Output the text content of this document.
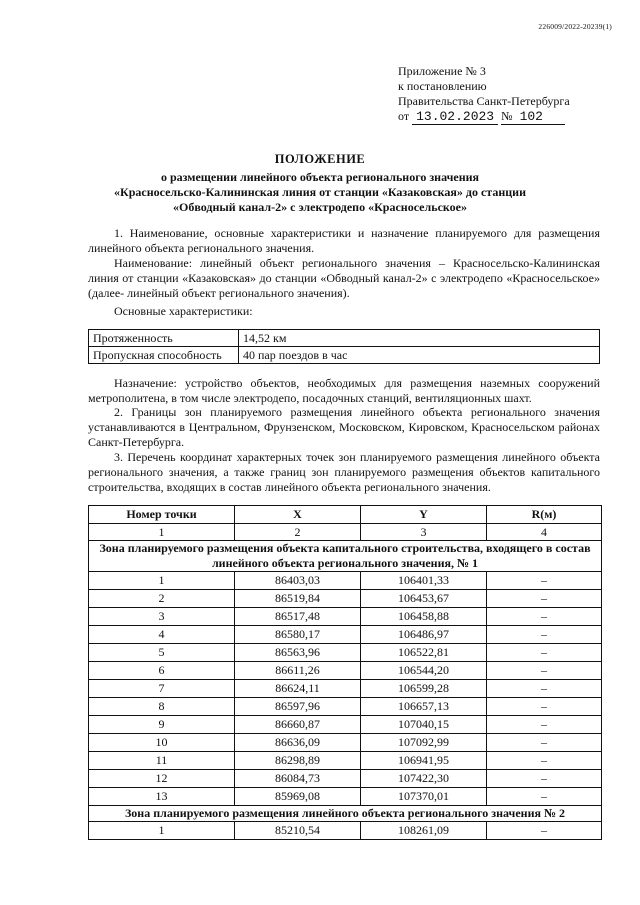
226009/2022-20239(1)
Приложение № 3
к постановлению
Правительства Санкт-Петербурга
от 13.02.2023 № 102
ПОЛОЖЕНИЕ
о размещении линейного объекта регионального значения
«Красносельско-Калининская линия от станции «Казаковская» до станции
«Обводный канал-2» с электродепо «Красносельское»
1. Наименование, основные характеристики и назначение планируемого для размещения линейного объекта регионального значения.
Наименование: линейный объект регионального значения – Красносельско-Калининская линия от станции «Казаковская» до станции «Обводный канал-2» с электродепо «Красносельское» (далее- линейный объект регионального значения).
Основные характеристики:
Протяженность	14,52 км
Пропускная способность	40 пар поездов в час
Назначение: устройство объектов, необходимых для размещения наземных сооружений метрополитена, в том числе электродепо, посадочных станций, вентиляционных шахт.
2. Границы зон планируемого размещения линейного объекта регионального значения устанавливаются в Центральном, Фрунзенском, Московском, Кировском, Красносельском районах Санкт-Петербурга.
3. Перечень координат характерных точек зон планируемого размещения линейного объекта регионального значения, а также границ зон планируемого размещения объектов капитального строительства, входящих в состав линейного объекта регионального значения.
Номер точки	X	Y	R(м)
1	2	3	4
Зона планируемого размещения объекта капитального строительства, входящего в состав линейного объекта регионального значения, № 1			
1	86403,03	106401,33	–
2	86519,84	106453,67	–
3	86517,48	106458,88	–
4	86580,17	106486,97	–
5	86563,96	106522,81	–
6	86611,26	106544,20	–
7	86624,11	106599,28	–
8	86597,96	106657,13	–
9	86660,87	107040,15	–
10	86636,09	107092,99	–
11	86298,89	106941,95	–
12	86084,73	107422,30	–
13	85969,08	107370,01	–
Зона планируемого размещения линейного объекта регионального значения № 2			
1	85210,54	108261,09	–
